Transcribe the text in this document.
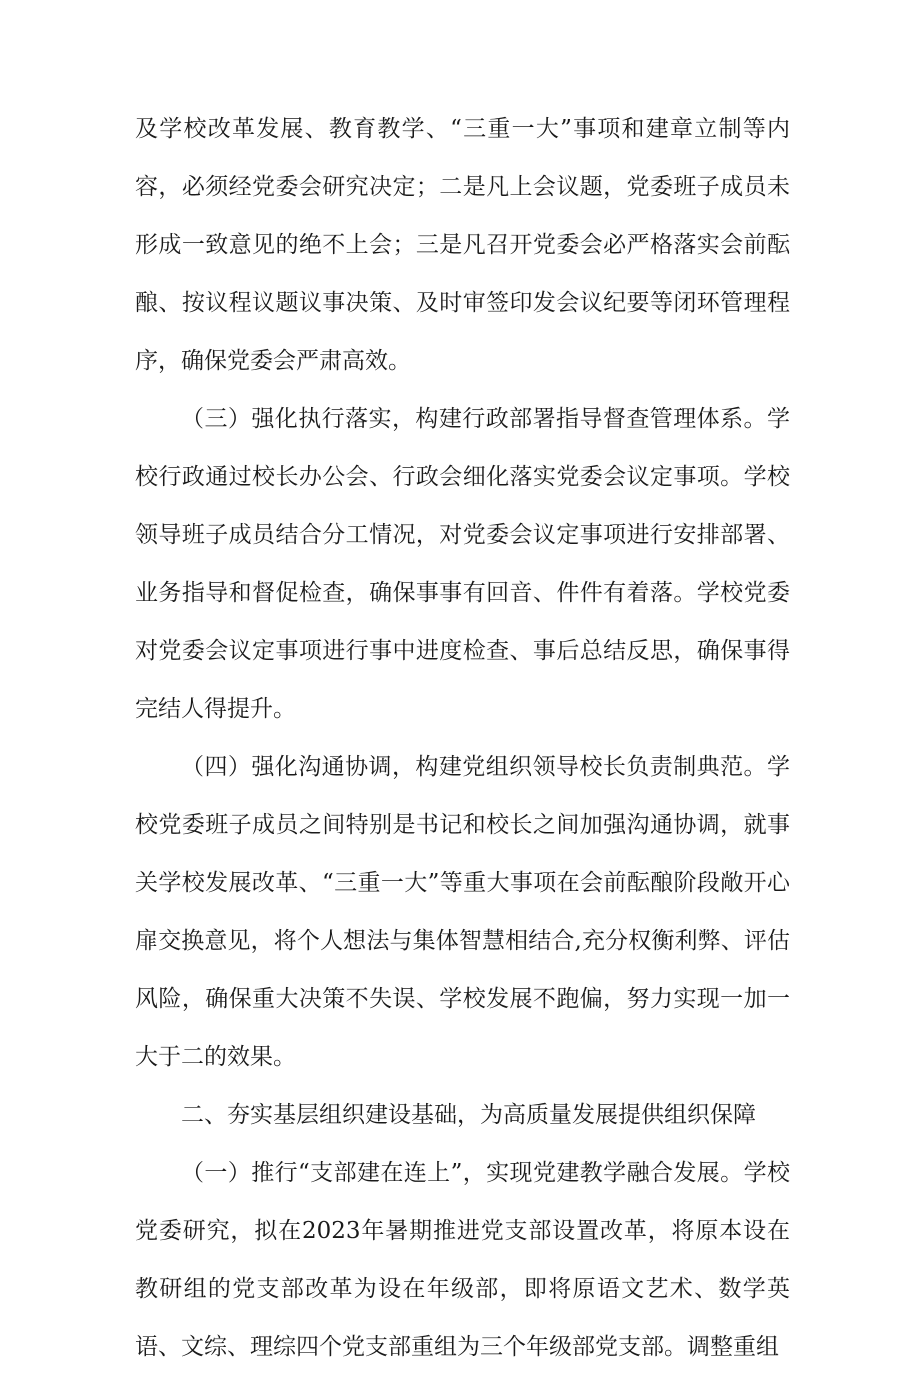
及学校改革发展、教育教学、“三重一大”事项和建章立制等内容，必须经党委会研究决定；二是凡上会议题，党委班子成员未形成一致意见的绝不上会；三是凡召开党委会必严格落实会前酝酿、按议程议题议事决策、及时审签印发会议纪要等闭环管理程序，确保党委会严肃高效。

（三）强化执行落实，构建行政部署指导督查管理体系。学校行政通过校长办公会、行政会细化落实党委会议定事项。学校领导班子成员结合分工情况，对党委会议定事项进行安排部署、业务指导和督促检查，确保事事有回音、件件有着落。学校党委对党委会议定事项进行事中进度检查、事后总结反思，确保事得完结人得提升。

（四）强化沟通协调，构建党组织领导校长负责制典范。学校党委班子成员之间特别是书记和校长之间加强沟通协调，就事关学校发展改革、“三重一大”等重大事项在会前酝酿阶段敞开心扉交换意见，将个人想法与集体智慧相结合,充分权衡利弊、评估风险，确保重大决策不失误、学校发展不跑偏，努力实现一加一大于二的效果。

二、夯实基层组织建设基础，为高质量发展提供组织保障

（一）推行“支部建在连上”，实现党建教学融合发展。学校党委研究，拟在2023年暑期推进党支部设置改革，将原本设在教研组的党支部改革为设在年级部，即将原语文艺术、数学英语、文综、理综四个党支部重组为三个年级部党支部。调整重组
